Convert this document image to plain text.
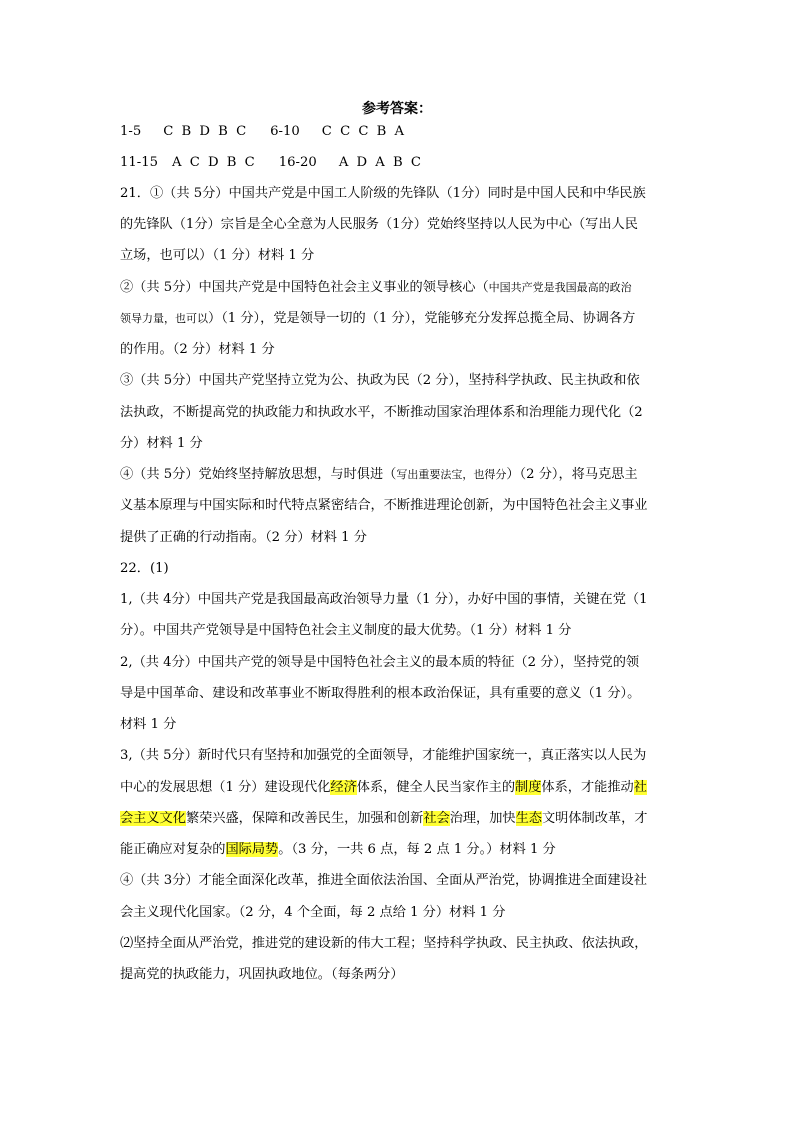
参考答案：
1-5 C B D B C 6-10 C C C B A
11-15 A C D B C 16-20 A D A B C
21．①（共 5分）中国共产党是中国工人阶级的先锋队（1分）同时是中国人民和中华民族
的先锋队（1分）宗旨是全心全意为人民服务（1分）党始终坚持以人民为中心（写出人民
立场，也可以）（1 分）材料 1 分
②（共 5分）中国共产党是中国特色社会主义事业的领导核心（中国共产党是我国最高的政治
领导力量，也可以）（1 分），党是领导一切的（1 分），党能够充分发挥总揽全局、协调各方
的作用。（2 分）材料 1 分
③（共 5分）中国共产党坚持立党为公、执政为民（2 分），坚持科学执政、民主执政和依
法执政，不断提高党的执政能力和执政水平，不断推动国家治理体系和治理能力现代化（2
分）材料 1 分
④（共 5分）党始终坚持解放思想，与时俱进（写出重要法宝，也得分）（2 分），将马克思主
义基本原理与中国实际和时代特点紧密结合，不断推进理论创新，为中国特色社会主义事业
提供了正确的行动指南。（2 分）材料 1 分
22．(1)
1,（共 4分）中国共产党是我国最高政治领导力量（1 分），办好中国的事情，关键在党（1
分）。中国共产党领导是中国特色社会主义制度的最大优势。（1 分）材料 1 分
2,（共 4分）中国共产党的领导是中国特色社会主义的最本质的特征（2 分），坚持党的领
导是中国革命、建设和改革事业不断取得胜利的根本政治保证，具有重要的意义（1 分）。
材料 1 分
3,（共 5分）新时代只有坚持和加强党的全面领导，才能维护国家统一，真正落实以人民为
中心的发展思想（1 分）建设现代化经济体系，健全人民当家作主的制度体系，才能推动社
会主义文化繁荣兴盛，保障和改善民生，加强和创新社会治理，加快生态文明体制改革，才
能正确应对复杂的国际局势。（3 分，一共 6 点，每 2 点 1 分。）材料 1 分
④（共 3分）才能全面深化改革，推进全面依法治国、全面从严治党，协调推进全面建设社
会主义现代化国家。（2 分，4 个全面，每 2 点给 1 分）材料 1 分
⑵坚持全面从严治党，推进党的建设新的伟大工程；坚持科学执政、民主执政、依法执政，
提高党的执政能力，巩固执政地位。（每条两分）
